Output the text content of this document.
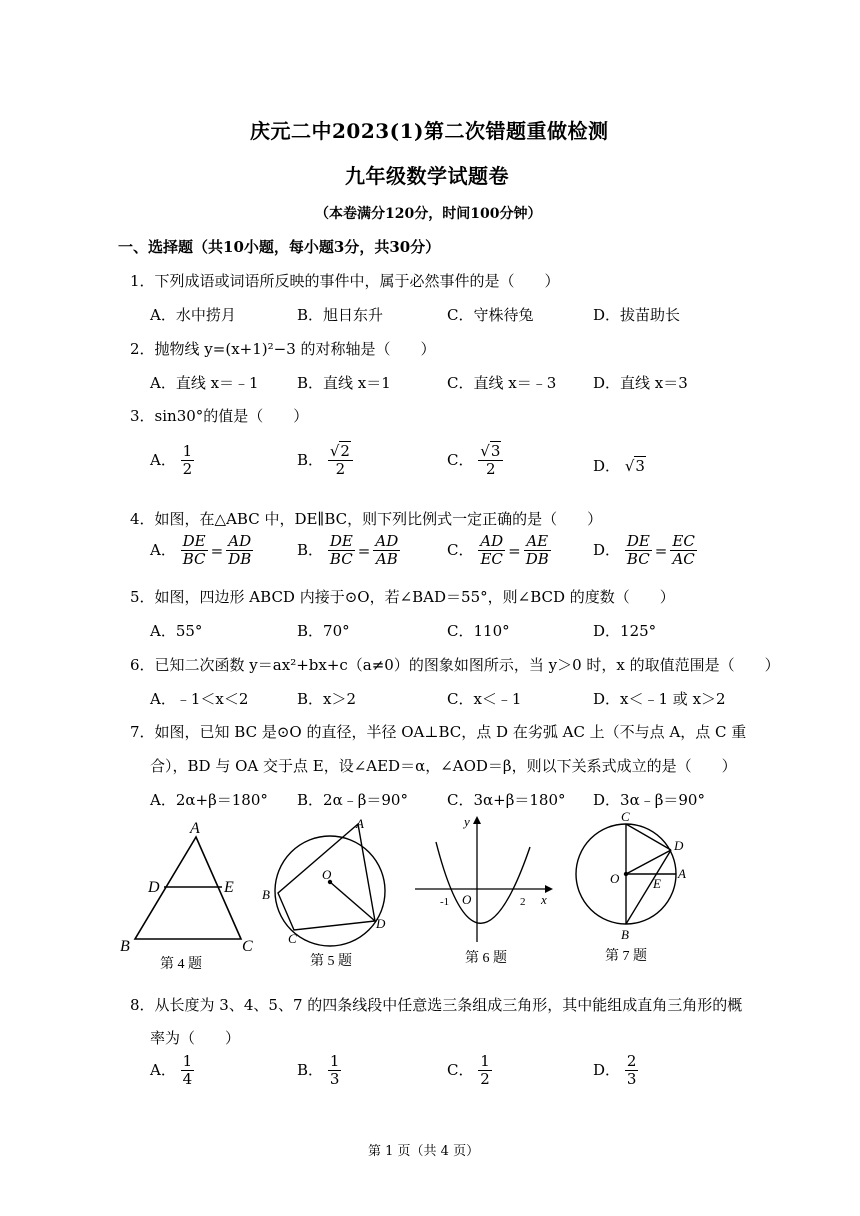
庆元二中2023(1)第二次错题重做检测
九年级数学试题卷
（本卷满分120分，时间100分钟）
一、选择题（共10小题，每小题3分，共30分）
1．下列成语或词语所反映的事件中，属于必然事件的是（　　）
A．水中捞月	B．旭日东升	C．守株待兔	D．拔苗助长
2．抛物线 y=(x+1)²−3 的对称轴是（　　）
A．直线 x＝﹣1	B．直线 x＝1	C．直线 x＝﹣3 D．直线 x＝3
3．sin30°的值是（　　）
A． $\frac{1}{2}$	B． $\frac{√2}{2}$	C． $\frac{√3}{2}$	D． √3
4．如图，在△ABC 中，DE∥BC，则下列比例式一定正确的是（　　）
A． $\frac{DE}{BC} = \frac{AD}{DB}$	B． $\frac{DE}{BC} = \frac{AD}{AB}$	C． $\frac{AD}{EC} = \frac{AE}{DB}$	D． $\frac{DE}{BC} = \frac{EC}{AC}$
5．如图，四边形 ABCD 内接于⊙O，若∠BAD＝55°，则∠BCD 的度数（　　）
A．55°	B．70°	C．110°	D．125°
6．已知二次函数 y＝ax²+bx+c（a≠0）的图象如图所示，当 y＞0 时，x 的取值范围是（　　）
A．﹣1＜x＜2	B．x＞2	C．x＜﹣1	D．x＜﹣1 或 x＞2
7．如图，已知 BC 是⊙O 的直径，半径 OA⊥BC，点 D 在劣弧 AC 上（不与点 A，点 C 重
合），BD 与 OA 交于点 E，设∠AED＝α，∠AOD＝β，则以下关系式成立的是（　　）
A．2α+β＝180° B．2α﹣β＝90°	C．3α+β＝180° D．3α﹣β＝90°
A
B	C
D	E
第 4 题
A
B
C
D
O
第 5 题
y
x
O
-1	2
第 6 题
C
B
D
A
O	E
第 7 题
8．从长度为 3、4、5、7 的四条线段中任意选三条组成三角形，其中能组成直角三角形的概
率为（　　）
A． $\frac{1}{4}$	B． $\frac{1}{3}$	C． $\frac{1}{2}$	D． $\frac{2}{3}$
第 1 页（共 4 页）
